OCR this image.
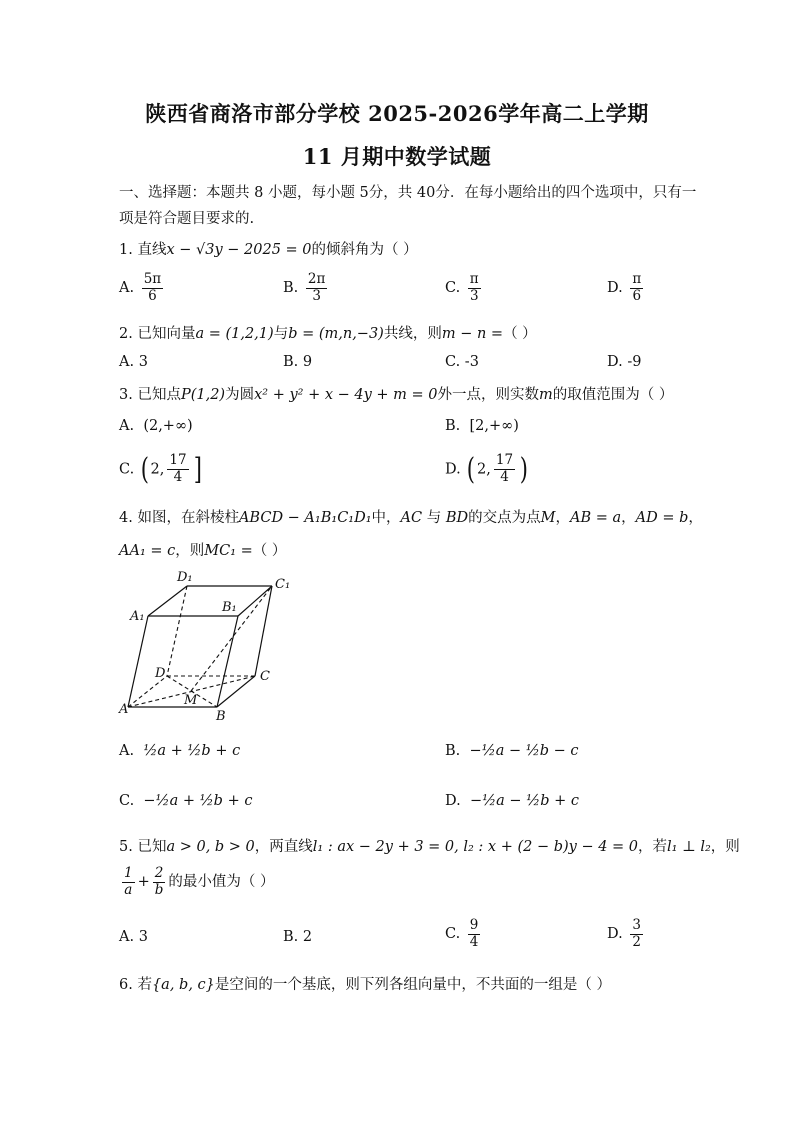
陕西省商洛市部分学校 2025-2026学年高二上学期
11 月期中数学试题
一、选择题：本题共 8 小题，每小题 5分，共 40分．在每小题给出的四个选项中，只有一
项是符合题目要求的.
1. 直线x − √3y − 2025 = 0的倾斜角为（ ）
A. $\frac{5\pi}{6}$	B. $\frac{2\pi}{3}$	C. $\frac{\pi}{3}$	D. $\frac{\pi}{6}$
2. 已知向量a = (1,2,1)与b = (m,n,−3)共线，则m − n =（ ）
A. 3	B. 9	C. -3	D. -9
3. 已知点P(1,2)为圆x² + y² + x − 4y + m = 0外一点，则实数m的取值范围为（ ）
A. (2,+∞)	B. [2,+∞)
C. ( 2, $\frac{17}{4}$ ]	D. ( 2, $\frac{17}{4}$ )
4. 如图，在斜棱柱ABCD − A₁B₁C₁D₁中，AC 与 BD的交点为点M，AB = a，AD = b，
AA₁ = c，则MC₁ =（ ）
D₁	C₁
A₁
B₁
D	C
M
A	B
A. ½a + ½b + c	B. −½a − ½b − c
C. −½a + ½b + c	D. −½a − ½b + c
5. 已知a > 0, b > 0，两直线l₁ : ax − 2y + 3 = 0, l₂ : x + (2 − b)y − 4 = 0，若l₁ ⊥ l₂，则
$\frac{1}{a} + \frac{2}{b}$ 的最小值为（ ）
A. 3	B. 2	C. $\frac{9}{4}$	D. $\frac{3}{2}$
6. 若{a, b, c}是空间的一个基底，则下列各组向量中，不共面的一组是（ ）
